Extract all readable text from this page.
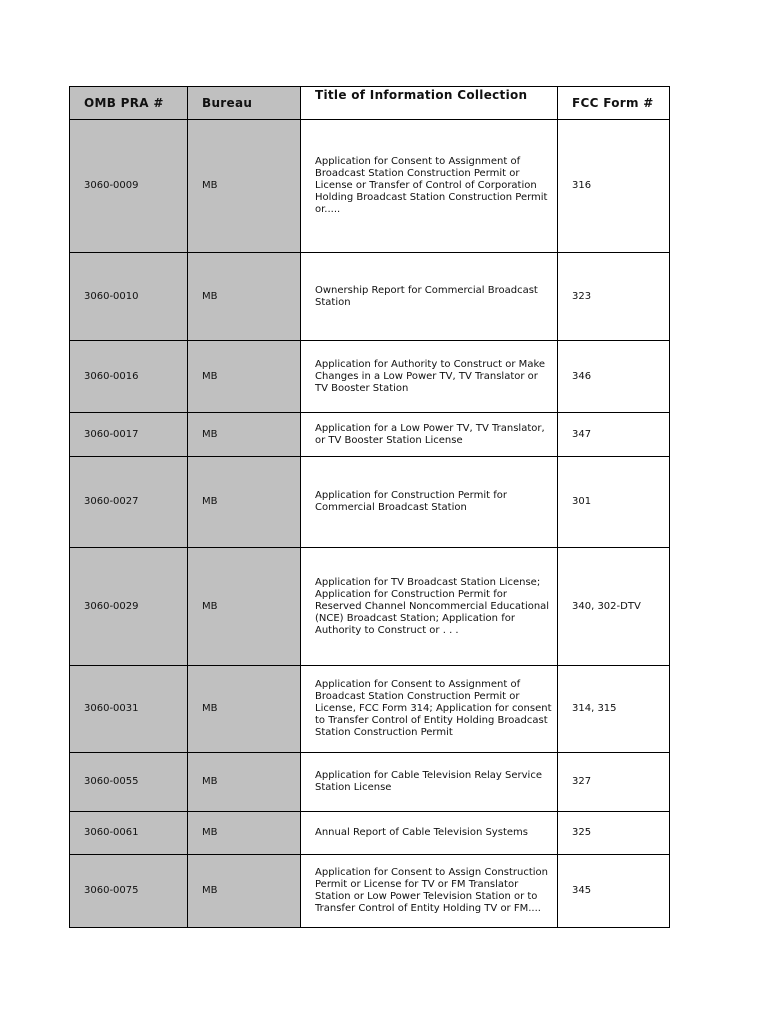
OMB PRA #	Bureau	Title of Information Collection	FCC Form #
3060-0009	MB	Application for Consent to Assignment of Broadcast Station Construction Permit or License or Transfer of Control of Corporation Holding Broadcast Station Construction Permit or.....	316
3060-0010	MB	Ownership Report for Commercial Broadcast Station	323
3060-0016	MB	Application for Authority to Construct or Make Changes in a Low Power TV, TV Translator or TV Booster Station	346
3060-0017	MB	Application for a Low Power TV, TV Translator, or TV Booster Station License	347
3060-0027	MB	Application for Construction Permit for Commercial Broadcast Station	301
3060-0029	MB	Application for TV Broadcast Station License; Application for Construction Permit for Reserved Channel Noncommercial Educational (NCE) Broadcast Station; Application for Authority to Construct or . . .	340, 302-DTV
3060-0031	MB	Application for Consent to Assignment of Broadcast Station Construction Permit or License, FCC Form 314; Application for consent to Transfer Control of Entity Holding Broadcast Station Construction Permit	314, 315
3060-0055	MB	Application for Cable Television Relay Service Station License	327
3060-0061	MB	Annual Report of Cable Television Systems	325
3060-0075	MB	Application for Consent to Assign Construction Permit or License for TV or FM Translator Station or Low Power Television Station or to Transfer Control of Entity Holding TV or FM....	345
